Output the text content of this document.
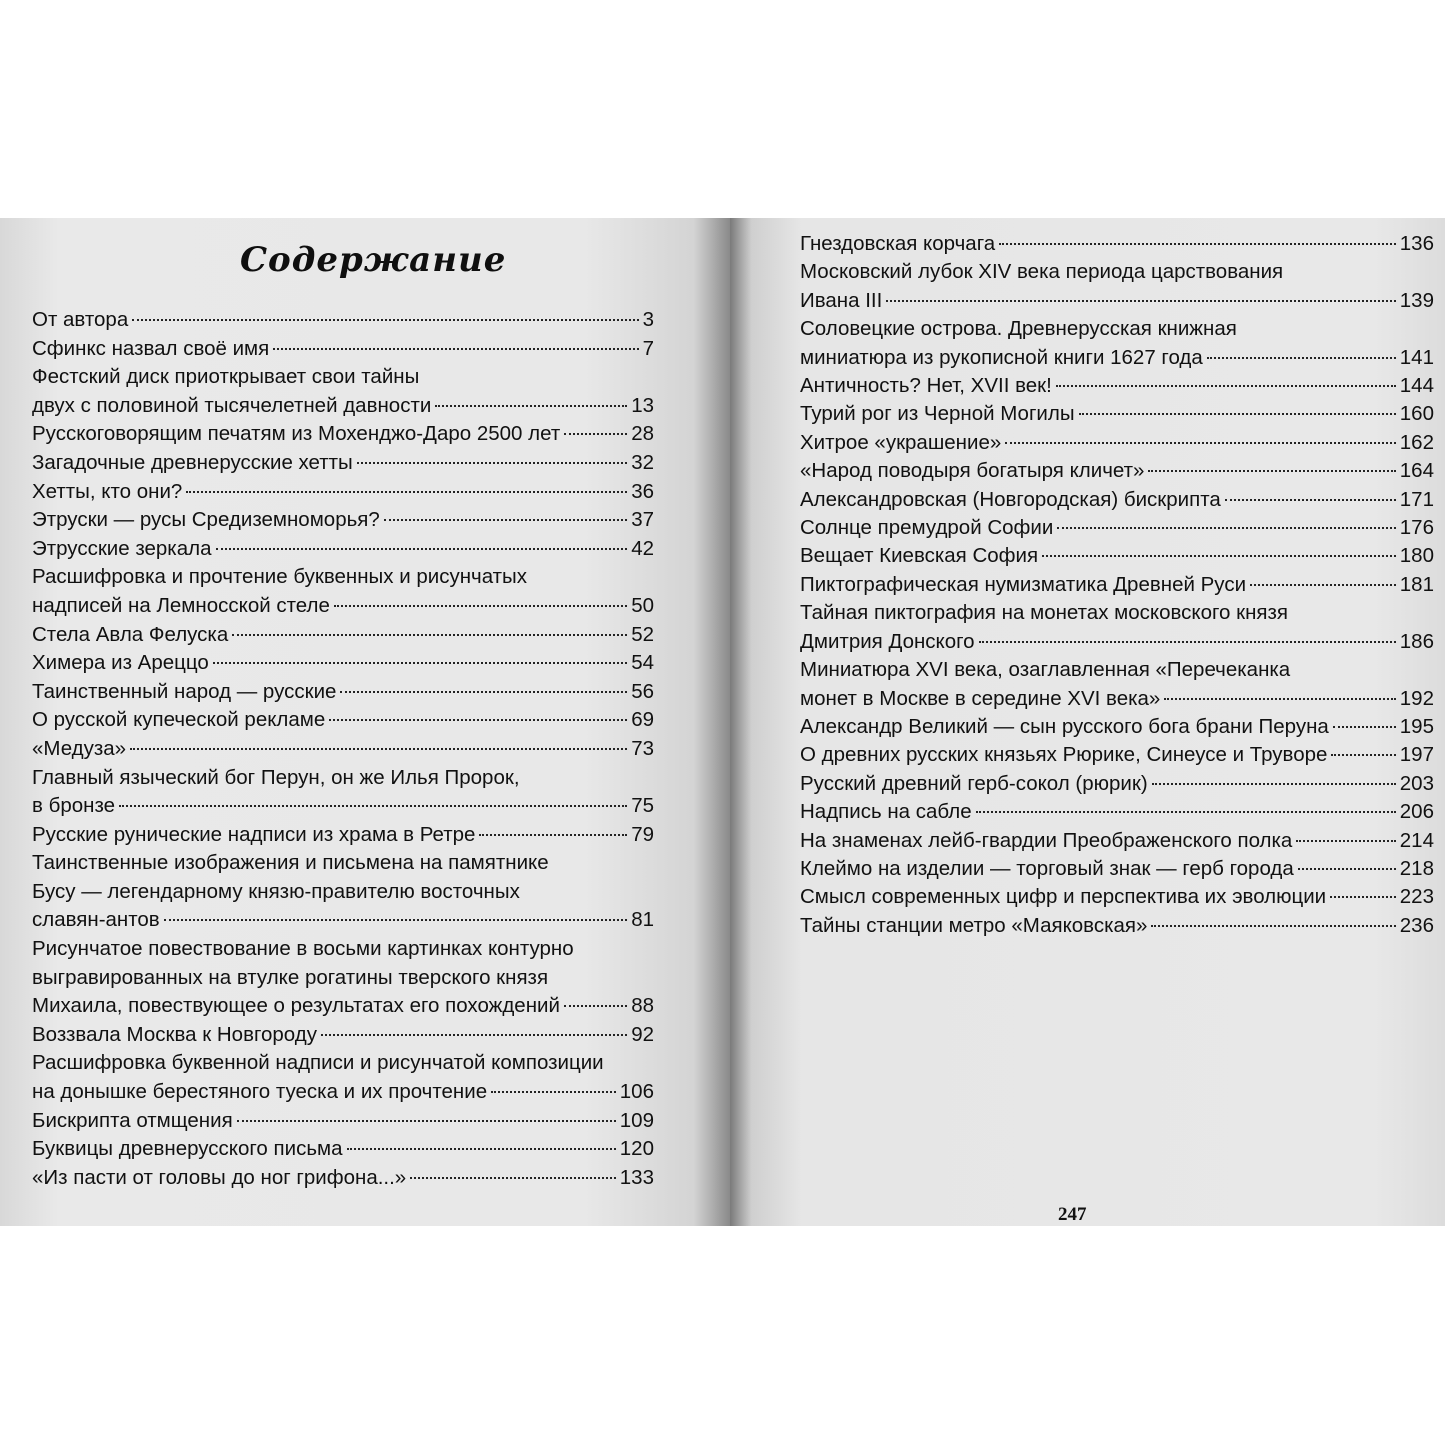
Содержание
От автора	3
Сфинкс назвал своё имя	7
Фестский диск приоткрывает свои тайны
двух с половиной тысячелетней давности	13
Русскоговорящим печатям из Мохенджо-Даро 2500 лет	28
Загадочные древнерусские хетты	32
Хетты, кто они?	36
Этруски — русы Средиземноморья?	37
Этрусские зеркала	42
Расшифровка и прочтение буквенных и рисунчатых
надписей на Лемносской стеле	50
Стела Авла Фелуска	52
Химера из Ареццо	54
Таинственный народ — русские	56
О русской купеческой рекламе	69
«Медуза»	73
Главный языческий бог Перун, он же Илья Пророк,
в бронзе	75
Русские рунические надписи из храма в Ретре	79
Таинственные изображения и письмена на памятнике
Бусу — легендарному князю-правителю восточных
славян-антов	81
Рисунчатое повествование в восьми картинках контурно
выгравированных на втулке рогатины тверского князя
Михаила, повествующее о результатах его похождений	88
Воззвала Москва к Новгороду	92
Расшифровка буквенной надписи и рисунчатой композиции
на донышке берестяного туеска и их прочтение	106
Бискрипта отмщения	109
Буквицы древнерусского письма	120
«Из пасти от головы до ног грифона...»	133
Гнездовская корчага	136
Московский лубок XIV века периода царствования
Ивана III	139
Соловецкие острова. Древнерусская книжная
миниатюра из рукописной книги 1627 года	141
Античность? Нет, XVII век!	144
Турий рог из Черной Могилы	160
Хитрое «украшение»	162
«Народ поводыря богатыря кличет»	164
Александровская (Новгородская) бискрипта	171
Солнце премудрой Софии	176
Вещает Киевская София	180
Пиктографическая нумизматика Древней Руси	181
Тайная пиктография на монетах московского князя
Дмитрия Донского	186
Миниатюра XVI века, озаглавленная «Перечеканка
монет в Москве в середине XVI века»	192
Александр Великий — сын русского бога брани Перуна	195
О древних русских князьях Рюрике, Синеусе и Труворе	197
Русский древний герб-сокол (рюрик)	203
Надпись на сабле	206
На знаменах лейб-гвардии Преображенского полка	214
Клеймо на изделии — торговый знак — герб города	218
Смысл современных цифр и перспектива их эволюции	223
Тайны станции метро «Маяковская»	236
247
